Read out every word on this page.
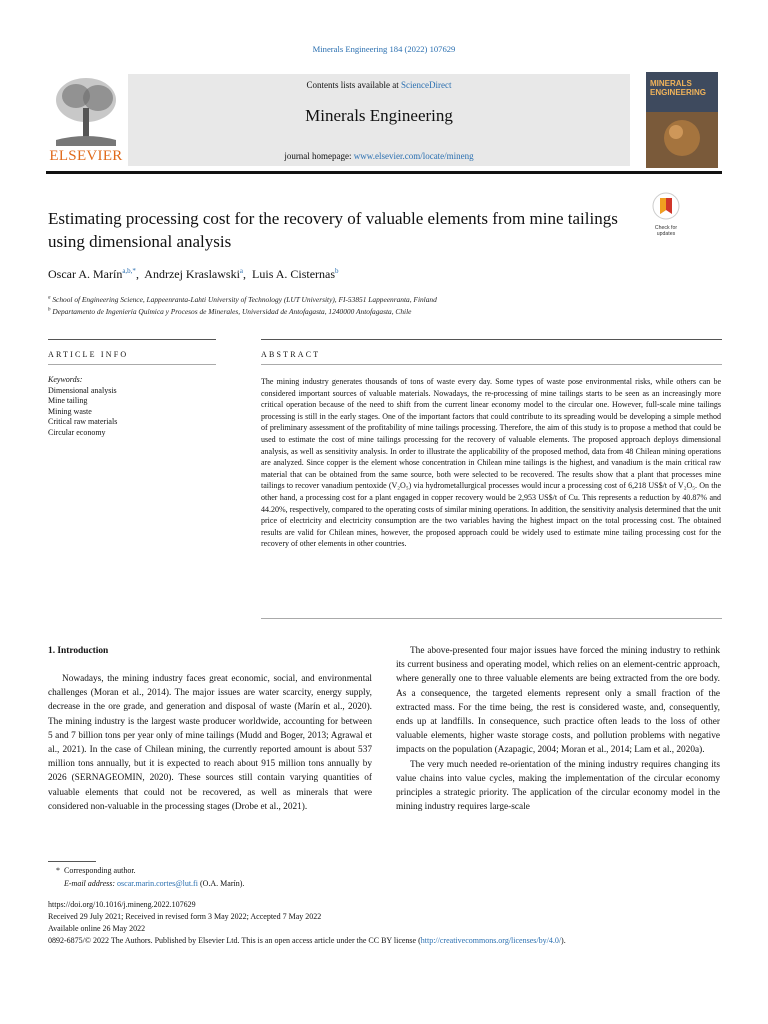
Minerals Engineering 184 (2022) 107629
ELSEVIER
Contents lists available at ScienceDirect
Minerals Engineering
journal homepage: www.elsevier.com/locate/mineng
MINERALS ENGINEERING
Estimating processing cost for the recovery of valuable elements from mine tailings using dimensional analysis
Check for updates
Oscar A. Marín$^{a,b,*}$,  Andrzej Kraslawski$^a$,  Luis A. Cisternas$^b$
$^a$ School of Engineering Science, Lappeenranta-Lahti University of Technology (LUT University), FI-53851 Lappeenranta, Finland
$^b$ Departamento de Ingeniería Química y Procesos de Minerales, Universidad de Antofagasta, 1240000 Antofagasta, Chile
ARTICLE INFO	ABSTRACT
Keywords:
Dimensional analysis
Mine tailing
Mining waste
Critical raw materials
Circular economy
The mining industry generates thousands of tons of waste every day. Some types of waste pose environmental risks, while others can be considered important sources of valuable materials. Nowadays, the re-processing of mine tailings starts to be seen as an increasingly more critical operation because of the need to shift from the current linear economy model to the circular one. However, full-scale mine tailings processing is still in the early stages. One of the important factors that could contribute to its spreading would be developing a simple method of preliminary assessment of the profitability of mine tailings processing. Therefore, the aim of this study is to propose a method that could be used to estimate the cost of mine tailings processing for the recovery of valuable elements. The proposed approach deploys dimensional analysis, as well as sensitivity analysis. In order to illustrate the applicability of the proposed method, data from 48 Chilean mining operations are analyzed. Since copper is the element whose concentration in Chilean mine tailings is the highest, and vanadium is the main critical raw material that can be obtained from the same source, both were selected to be recovered. The results show that a plant that processes mine tailings to recover vanadium pentoxide (V₂O₅) via hydrometallurgical processes would incur a processing cost of 6,218 US$/t of V₂O₅. On the other hand, a processing cost for a plant engaged in copper recovery would be 2,953 US$/t of Cu. This represents a reduction by 40.87% and 44.20%, respectively, compared to the operating costs of similar mining operations. In addition, the sensitivity analysis determined that the unit price of electricity and electricity consumption are the two variables having the highest impact on the total processing cost. The obtained results are valid for Chilean mines, however, the proposed approach could be widely used to estimate mine tailing processing cost for the recovery of other elements in other countries.
1. Introduction

Nowadays, the mining industry faces great economic, social, and environmental challenges (Moran et al., 2014). The major issues are water scarcity, energy supply, decrease in the ore grade, and generation and disposal of waste (Marín et al., 2020). The mining industry is the largest waste producer worldwide, accounting for between 5 and 7 billion tons per year only of mine tailings (Mudd and Boger, 2013; Agrawal et al., 2021). In the case of Chilean mining, the currently reported amount is about 537 million tons annually, but it is expected to reach about 915 million tons annually by 2026 (SERNAGEOMIN, 2020). These sources still contain varying quantities of valuable elements that could not be recovered, as well as minerals that were considered non-valuable in the processing stages (Drobe et al., 2021).

The above-presented four major issues have forced the mining industry to rethink its current business and operating model, which relies on an element-centric approach, where generally one to three valuable elements are being extracted from the ore body. As a consequence, the targeted elements represent only a small fraction of the extracted mass. For the time being, the rest is considered waste, and, consequently, ends up at landfills. In consequence, such practice often leads to the loss of other valuable elements, higher waste storage costs, and pollution problems with negative impacts on the population (Azapagic, 2004; Moran et al., 2014; Lam et al., 2020a).

The very much needed re-orientation of the mining industry requires changing its value chains into value cycles, making the implementation of the circular economy principles a strategic priority. The application of the circular economy model in the mining industry requires large-scale

*  Corresponding author.
E-mail address: oscar.marin.cortes@lut.fi (O.A. Marín).
https://doi.org/10.1016/j.mineng.2022.107629
Received 29 July 2021; Received in revised form 3 May 2022; Accepted 7 May 2022
Available online 26 May 2022
0892-6875/© 2022 The Authors. Published by Elsevier Ltd. This is an open access article under the CC BY license (http://creativecommons.org/licenses/by/4.0/).
